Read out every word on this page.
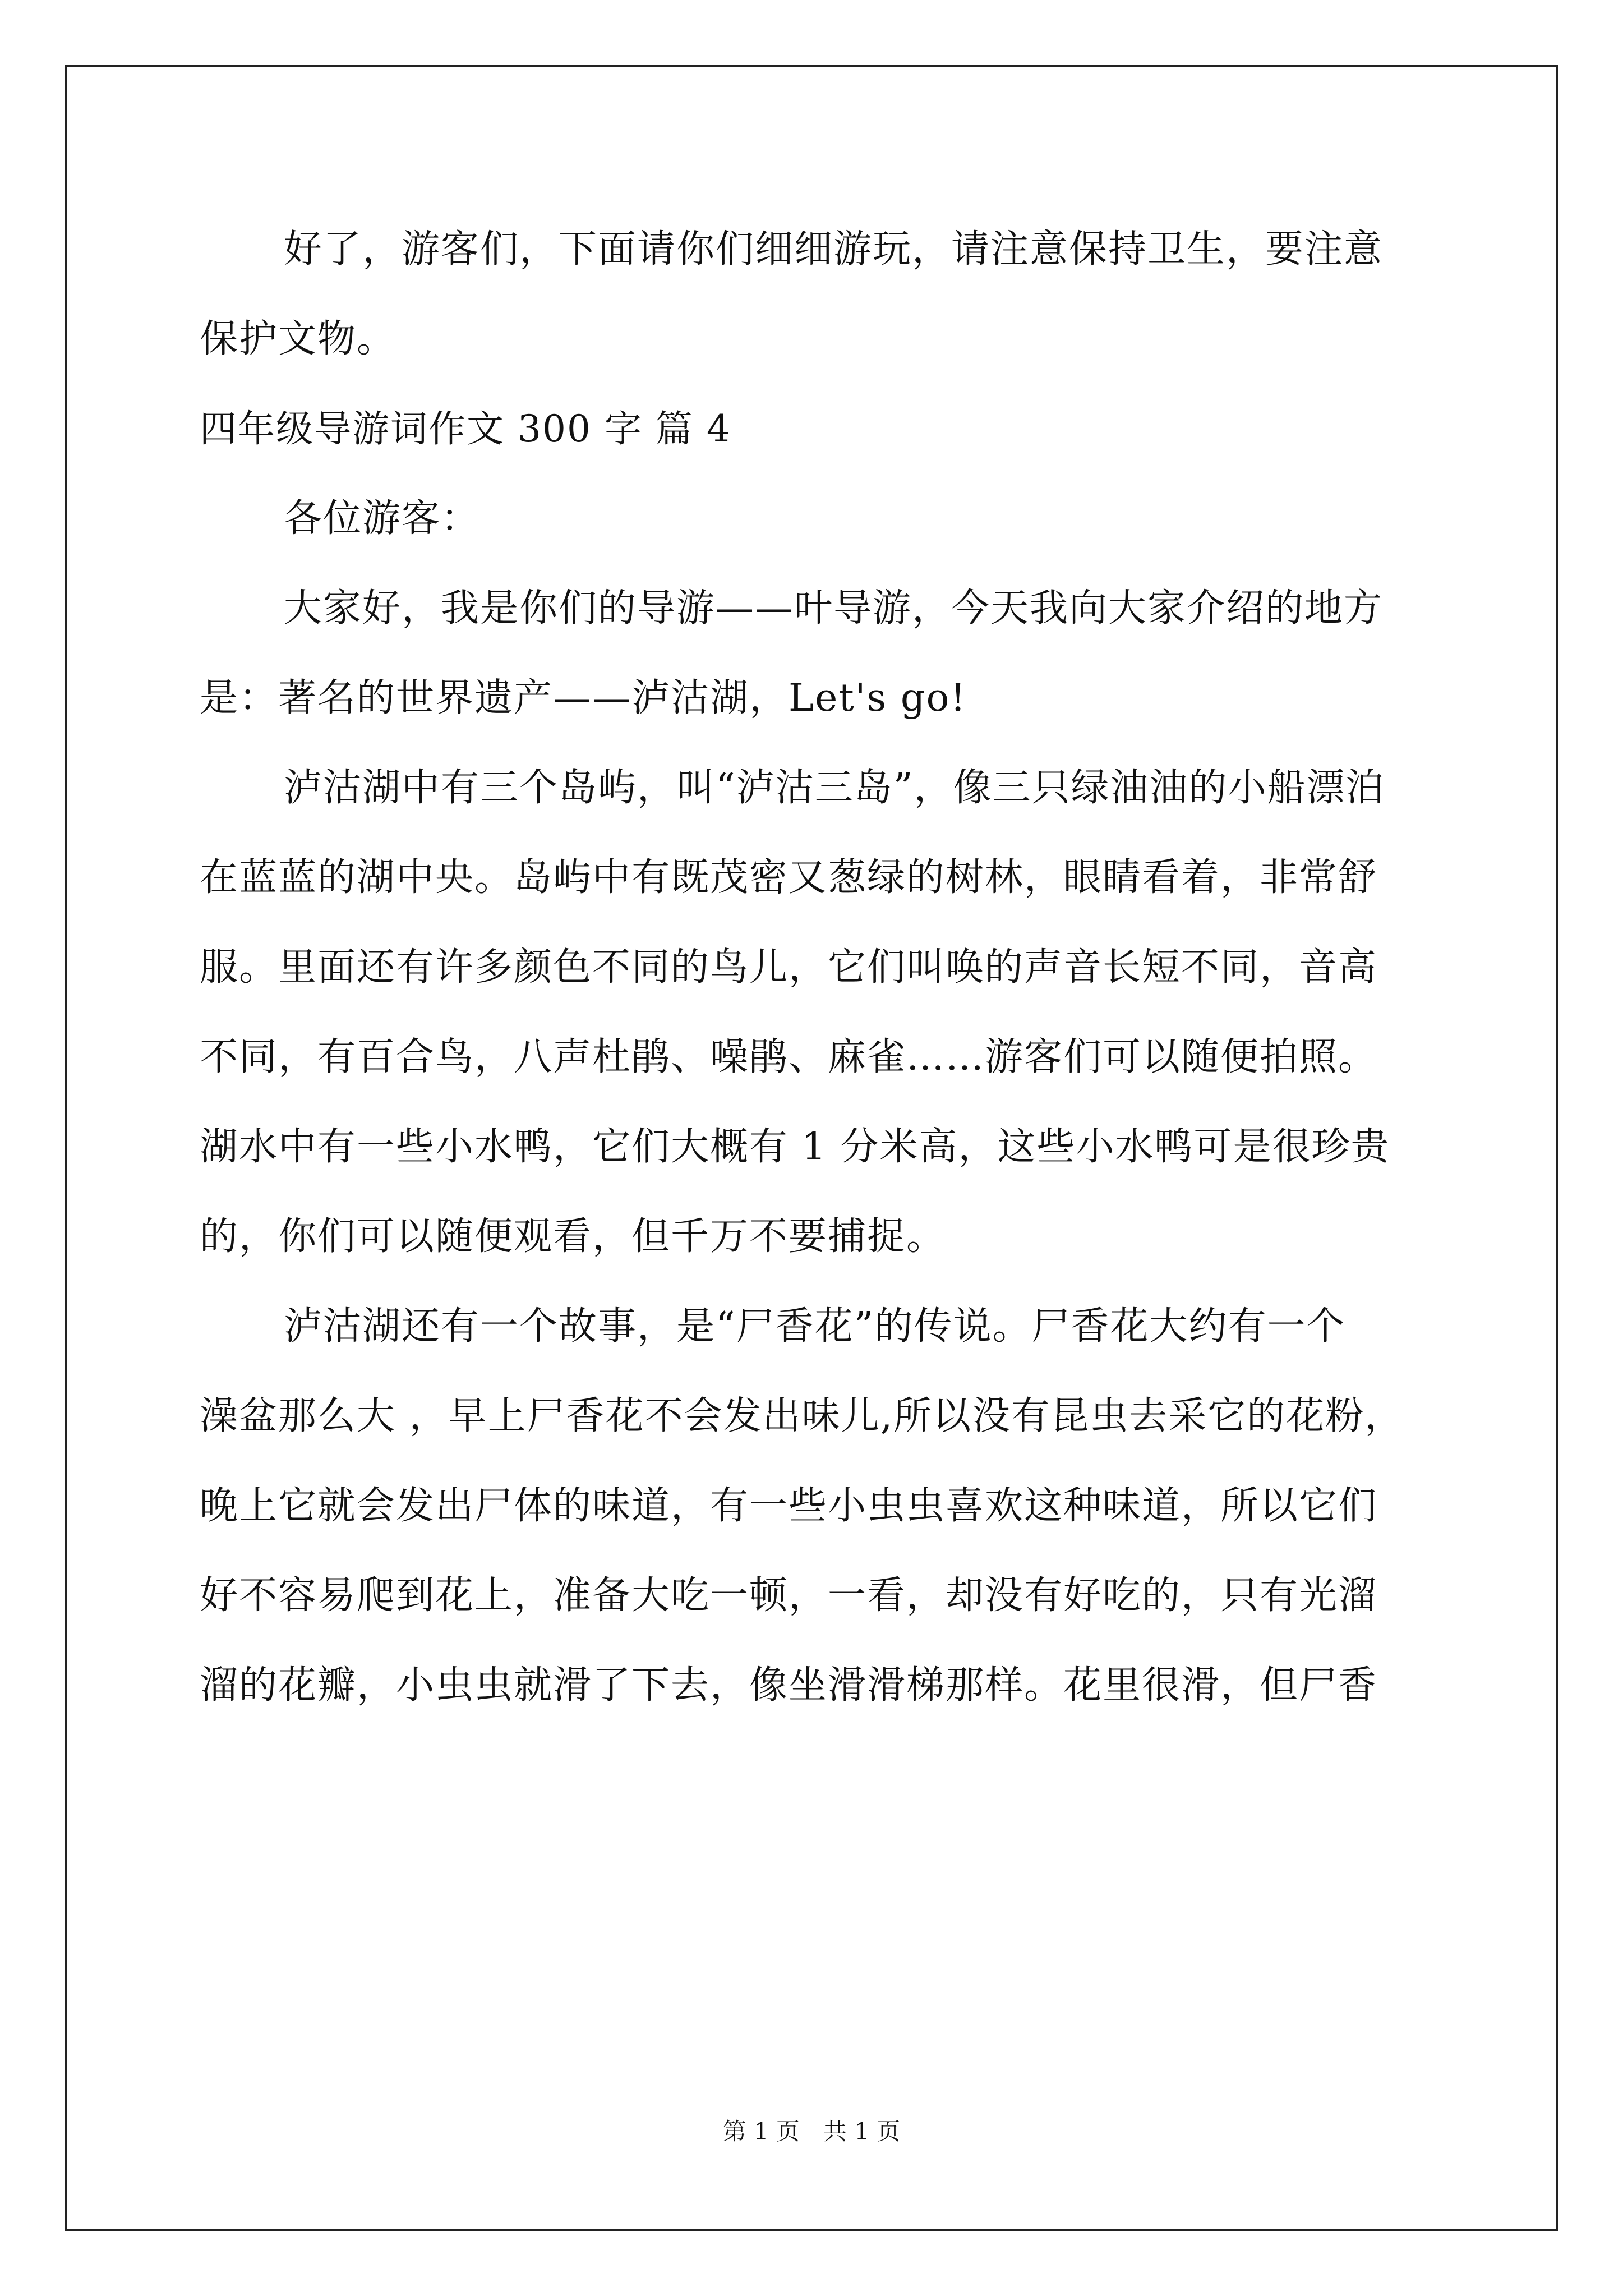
好了，游客们，下面请你们细细游玩，请注意保持卫生，要注意
保护文物。
四年级导游词作文 300 字 篇 4
各位游客：
大家好，我是你们的导游——叶导游，今天我向大家介绍的地方
是：著名的世界遗产——泸沽湖，Let's go!
泸沽湖中有三个岛屿，叫“泸沽三岛”，像三只绿油油的小船漂泊
在蓝蓝的湖中央。岛屿中有既茂密又葱绿的树林，眼睛看着，非常舒
服。里面还有许多颜色不同的鸟儿，它们叫唤的声音长短不同，音高
不同，有百合鸟，八声杜鹃、噪鹃、麻雀……游客们可以随便拍照。
湖水中有一些小水鸭，它们大概有 1 分米高，这些小水鸭可是很珍贵
的，你们可以随便观看，但千万不要捕捉。
泸沽湖还有一个故事，是“尸香花”的传说。尸香花大约有一个
澡盆那么大 ，早上尸香花不会发出味儿,所以没有昆虫去采它的花粉，
晚上它就会发出尸体的味道，有一些小虫虫喜欢这种味道，所以它们
好不容易爬到花上，准备大吃一顿，一看，却没有好吃的，只有光溜
溜的花瓣，小虫虫就滑了下去，像坐滑滑梯那样。花里很滑，但尸香
第 1 页　共 1 页
